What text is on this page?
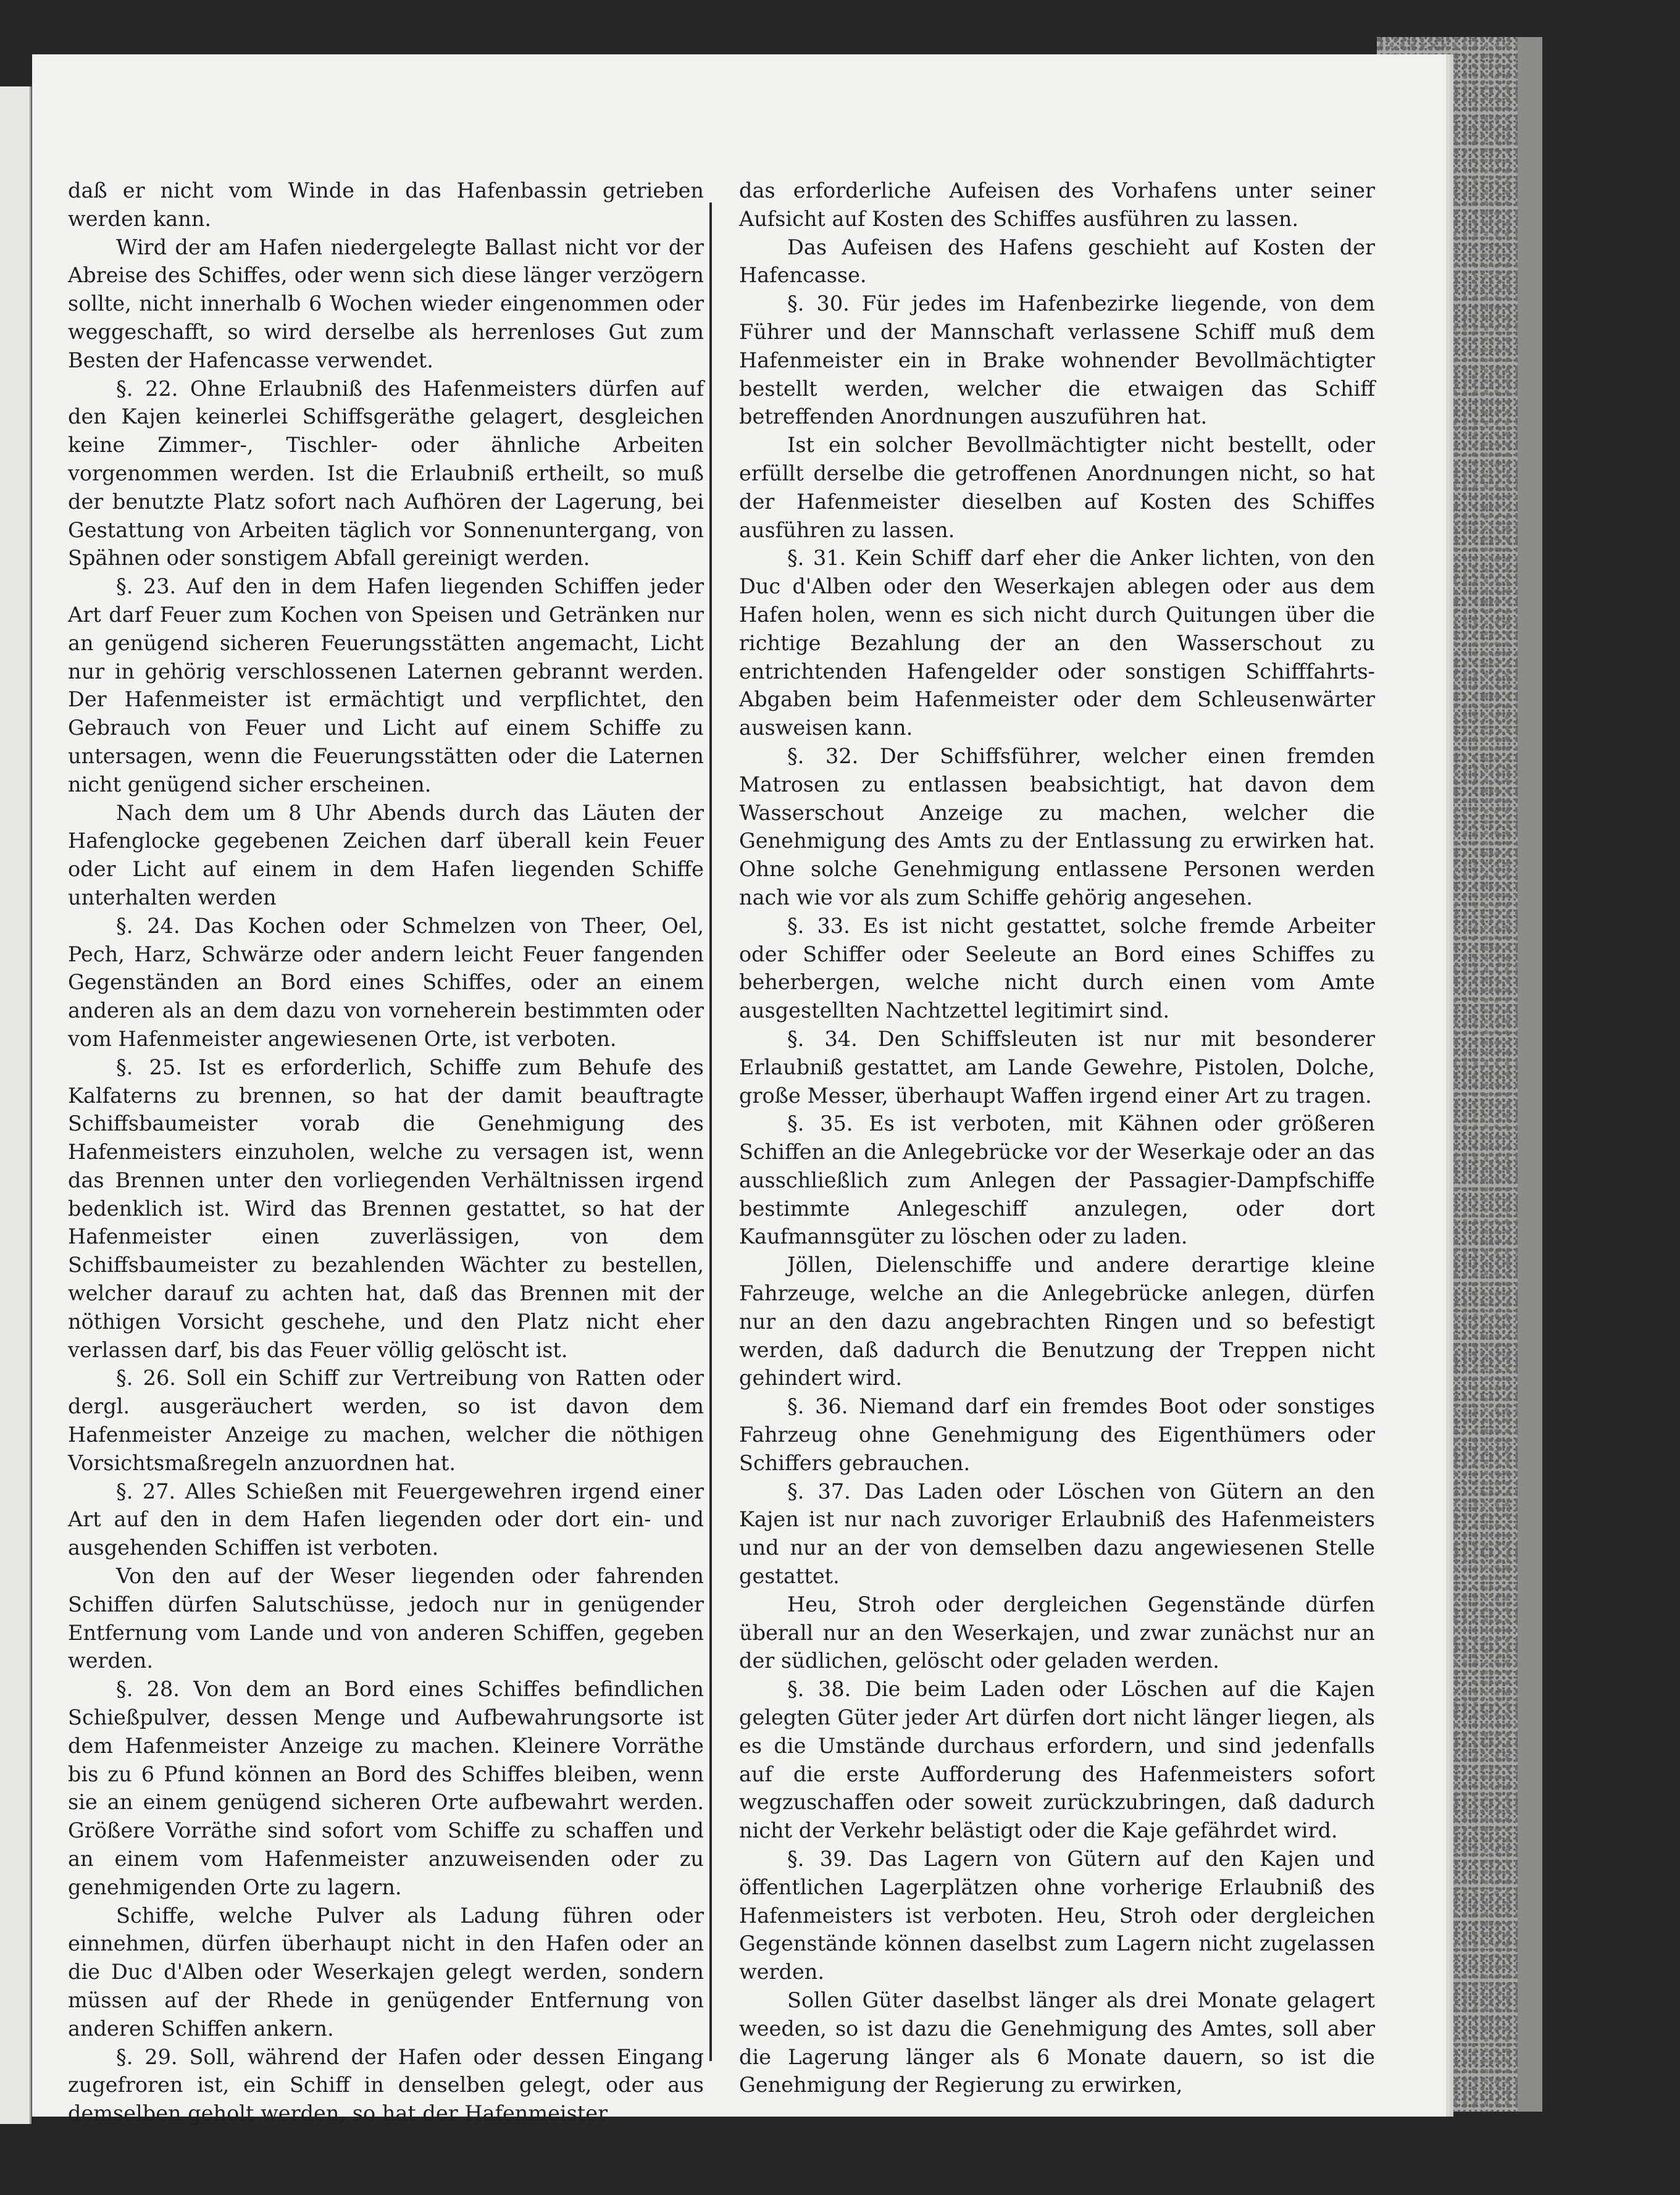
daß er nicht vom Winde in das Hafenbassin getrieben werden kann.

Wird der am Hafen niedergelegte Ballast nicht vor der Abreise des Schiffes, oder wenn sich diese länger verzögern sollte, nicht innerhalb 6 Wochen wieder eingenommen oder weggeschafft, so wird derselbe als herrenloses Gut zum Besten der Hafencasse verwendet.

§. 22. Ohne Erlaubniß des Hafenmeisters dürfen auf den Kajen keinerlei Schiffsgeräthe gelagert, desgleichen keine Zimmer-, Tischler- oder ähnliche Arbeiten vorgenommen werden. Ist die Erlaubniß ertheilt, so muß der benutzte Platz sofort nach Aufhören der Lagerung, bei Gestattung von Arbeiten täglich vor Sonnenuntergang, von Spähnen oder sonstigem Abfall gereinigt werden.

§. 23. Auf den in dem Hafen liegenden Schiffen jeder Art darf Feuer zum Kochen von Speisen und Getränken nur an genügend sicheren Feuerungsstätten angemacht, Licht nur in gehörig verschlossenen Laternen gebrannt werden. Der Hafenmeister ist ermächtigt und verpflichtet, den Gebrauch von Feuer und Licht auf einem Schiffe zu untersagen, wenn die Feuerungsstätten oder die Laternen nicht genügend sicher erscheinen.

Nach dem um 8 Uhr Abends durch das Läuten der Hafenglocke gegebenen Zeichen darf überall kein Feuer oder Licht auf einem in dem Hafen liegenden Schiffe unterhalten werden

§. 24. Das Kochen oder Schmelzen von Theer, Oel, Pech, Harz, Schwärze oder andern leicht Feuer fangenden Gegenständen an Bord eines Schiffes, oder an einem anderen als an dem dazu von vorneherein bestimmten oder vom Hafenmeister angewiesenen Orte, ist verboten.

§. 25. Ist es erforderlich, Schiffe zum Behufe des Kalfaterns zu brennen, so hat der damit beauftragte Schiffsbaumeister vorab die Genehmigung des Hafenmeisters einzuholen, welche zu versagen ist, wenn das Brennen unter den vorliegenden Verhältnissen irgend bedenklich ist. Wird das Brennen gestattet, so hat der Hafenmeister einen zuverlässigen, von dem Schiffsbaumeister zu bezahlenden Wächter zu bestellen, welcher darauf zu achten hat, daß das Brennen mit der nöthigen Vorsicht geschehe, und den Platz nicht eher verlassen darf, bis das Feuer völlig gelöscht ist.

§. 26. Soll ein Schiff zur Vertreibung von Ratten oder dergl. ausgeräuchert werden, so ist davon dem Hafenmeister Anzeige zu machen, welcher die nöthigen Vorsichtsmaßregeln anzuordnen hat.

§. 27. Alles Schießen mit Feuergewehren irgend einer Art auf den in dem Hafen liegenden oder dort ein- und ausgehenden Schiffen ist verboten.

Von den auf der Weser liegenden oder fahrenden Schiffen dürfen Salutschüsse, jedoch nur in genügender Entfernung vom Lande und von anderen Schiffen, gegeben werden.

§. 28. Von dem an Bord eines Schiffes befindlichen Schießpulver, dessen Menge und Aufbewahrungsorte ist dem Hafenmeister Anzeige zu machen. Kleinere Vorräthe bis zu 6 Pfund können an Bord des Schiffes bleiben, wenn sie an einem genügend sicheren Orte aufbewahrt werden. Größere Vorräthe sind sofort vom Schiffe zu schaffen und an einem vom Hafenmeister anzuweisenden oder zu genehmigenden Orte zu lagern.

Schiffe, welche Pulver als Ladung führen oder einnehmen, dürfen überhaupt nicht in den Hafen oder an die Duc d'Alben oder Weserkajen gelegt werden, sondern müssen auf der Rhede in genügender Entfernung von anderen Schiffen ankern.

§. 29. Soll, während der Hafen oder dessen Eingang zugefroren ist, ein Schiff in denselben gelegt, oder aus demselben geholt werden, so hat der Hafenmeister

das erforderliche Aufeisen des Vorhafens unter seiner Aufsicht auf Kosten des Schiffes ausführen zu lassen.

Das Aufeisen des Hafens geschieht auf Kosten der Hafencasse.

§. 30. Für jedes im Hafenbezirke liegende, von dem Führer und der Mannschaft verlassene Schiff muß dem Hafenmeister ein in Brake wohnender Bevollmächtigter bestellt werden, welcher die etwaigen das Schiff betreffenden Anordnungen auszuführen hat.

Ist ein solcher Bevollmächtigter nicht bestellt, oder erfüllt derselbe die getroffenen Anordnungen nicht, so hat der Hafenmeister dieselben auf Kosten des Schiffes ausführen zu lassen.

§. 31. Kein Schiff darf eher die Anker lichten, von den Duc d'Alben oder den Weserkajen ablegen oder aus dem Hafen holen, wenn es sich nicht durch Quitungen über die richtige Bezahlung der an den Wasserschout zu entrichtenden Hafengelder oder sonstigen Schifffahrts-Abgaben beim Hafenmeister oder dem Schleusenwärter ausweisen kann.

§. 32. Der Schiffsführer, welcher einen fremden Matrosen zu entlassen beabsichtigt, hat davon dem Wasserschout Anzeige zu machen, welcher die Genehmigung des Amts zu der Entlassung zu erwirken hat. Ohne solche Genehmigung entlassene Personen werden nach wie vor als zum Schiffe gehörig angesehen.

§. 33. Es ist nicht gestattet, solche fremde Arbeiter oder Schiffer oder Seeleute an Bord eines Schiffes zu beherbergen, welche nicht durch einen vom Amte ausgestellten Nachtzettel legitimirt sind.

§. 34. Den Schiffsleuten ist nur mit besonderer Erlaubniß gestattet, am Lande Gewehre, Pistolen, Dolche, große Messer, überhaupt Waffen irgend einer Art zu tragen.

§. 35. Es ist verboten, mit Kähnen oder größeren Schiffen an die Anlegebrücke vor der Weserkaje oder an das ausschließlich zum Anlegen der Passagier-Dampfschiffe bestimmte Anlegeschiff anzulegen, oder dort Kaufmannsgüter zu löschen oder zu laden.

Jöllen, Dielenschiffe und andere derartige kleine Fahrzeuge, welche an die Anlegebrücke anlegen, dürfen nur an den dazu angebrachten Ringen und so befestigt werden, daß dadurch die Benutzung der Treppen nicht gehindert wird.

§. 36. Niemand darf ein fremdes Boot oder sonstiges Fahrzeug ohne Genehmigung des Eigenthümers oder Schiffers gebrauchen.

§. 37. Das Laden oder Löschen von Gütern an den Kajen ist nur nach zuvoriger Erlaubniß des Hafenmeisters und nur an der von demselben dazu angewiesenen Stelle gestattet.

Heu, Stroh oder dergleichen Gegenstände dürfen überall nur an den Weserkajen, und zwar zunächst nur an der südlichen, gelöscht oder geladen werden.

§. 38. Die beim Laden oder Löschen auf die Kajen gelegten Güter jeder Art dürfen dort nicht länger liegen, als es die Umstände durchaus erfordern, und sind jedenfalls auf die erste Aufforderung des Hafenmeisters sofort wegzuschaffen oder soweit zurückzubringen, daß dadurch nicht der Verkehr belästigt oder die Kaje gefährdet wird.

§. 39. Das Lagern von Gütern auf den Kajen und öffentlichen Lagerplätzen ohne vorherige Erlaubniß des Hafenmeisters ist verboten. Heu, Stroh oder dergleichen Gegenstände können daselbst zum Lagern nicht zugelassen werden.

Sollen Güter daselbst länger als drei Monate gelagert weeden, so ist dazu die Genehmigung des Amtes, soll aber die Lagerung länger als 6 Monate dauern, so ist die Genehmigung der Regierung zu erwirken,
